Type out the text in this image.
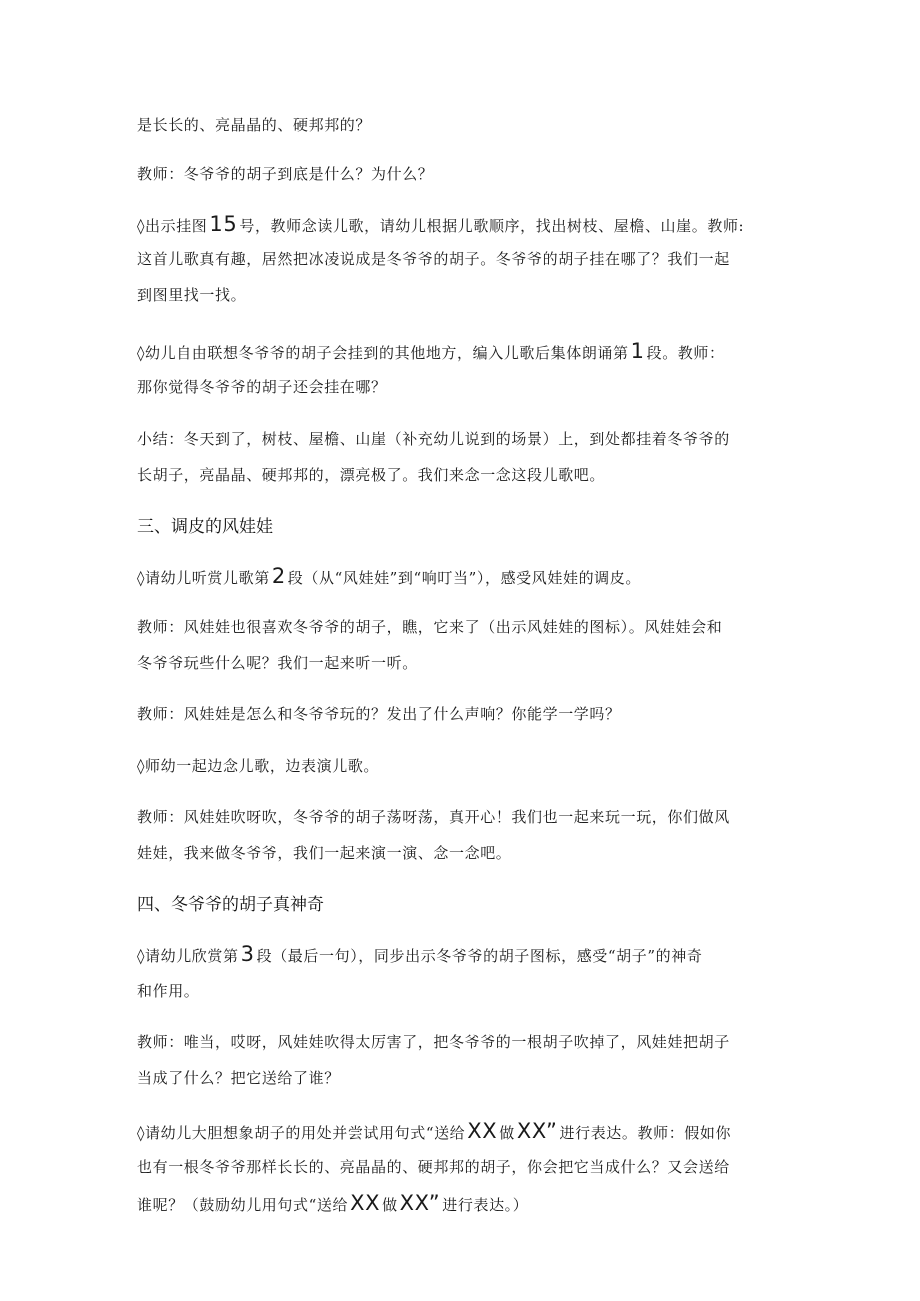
是长长的、亮晶晶的、硬邦邦的？
教师：冬爷爷的胡子到底是什么？为什么？
◊出示挂图15 号，教师念读儿歌，请幼儿根据儿歌顺序，找出树枝、屋檐、山崖。教师:
这首儿歌真有趣，居然把冰凌说成是冬爷爷的胡子。冬爷爷的胡子挂在哪了？我们一起
到图里找一找。
◊幼儿自由联想冬爷爷的胡子会挂到的其他地方，编入儿歌后集体朗诵第1 段。教师：
那你觉得冬爷爷的胡子还会挂在哪？
小结：冬天到了，树枝、屋檐、山崖（补充幼儿说到的场景）上，到处都挂着冬爷爷的
长胡子，亮晶晶、硬邦邦的，漂亮极了。我们来念一念这段儿歌吧。
三、调皮的风娃娃
◊请幼儿听赏儿歌第2 段（从“风娃娃”到“响叮当”），感受风娃娃的调皮。
教师：风娃娃也很喜欢冬爷爷的胡子，瞧，它来了（出示风娃娃的图标）。风娃娃会和
冬爷爷玩些什么呢？我们一起来听一听。
教师：风娃娃是怎么和冬爷爷玩的？发出了什么声响？你能学一学吗？
◊师幼一起边念儿歌，边表演儿歌。
教师：风娃娃吹呀吹，冬爷爷的胡子荡呀荡，真开心！我们也一起来玩一玩，你们做风
娃娃，我来做冬爷爷，我们一起来演一演、念一念吧。
四、冬爷爷的胡子真神奇
◊请幼儿欣赏第3 段（最后一句），同步出示冬爷爷的胡子图标，感受“胡子”的神奇
和作用。
教师：唯当，哎呀，风娃娃吹得太厉害了，把冬爷爷的一根胡子吹掉了，风娃娃把胡子
当成了什么？把它送给了谁？
◊请幼儿大胆想象胡子的用处并尝试用句式“送给XX 做XX” 进行表达。教师：假如你
也有一根冬爷爷那样长长的、亮晶晶的、硬邦邦的胡子，你会把它当成什么？又会送给
谁呢？（鼓励幼儿用句式“送给XX 做XX” 进行表达。）
